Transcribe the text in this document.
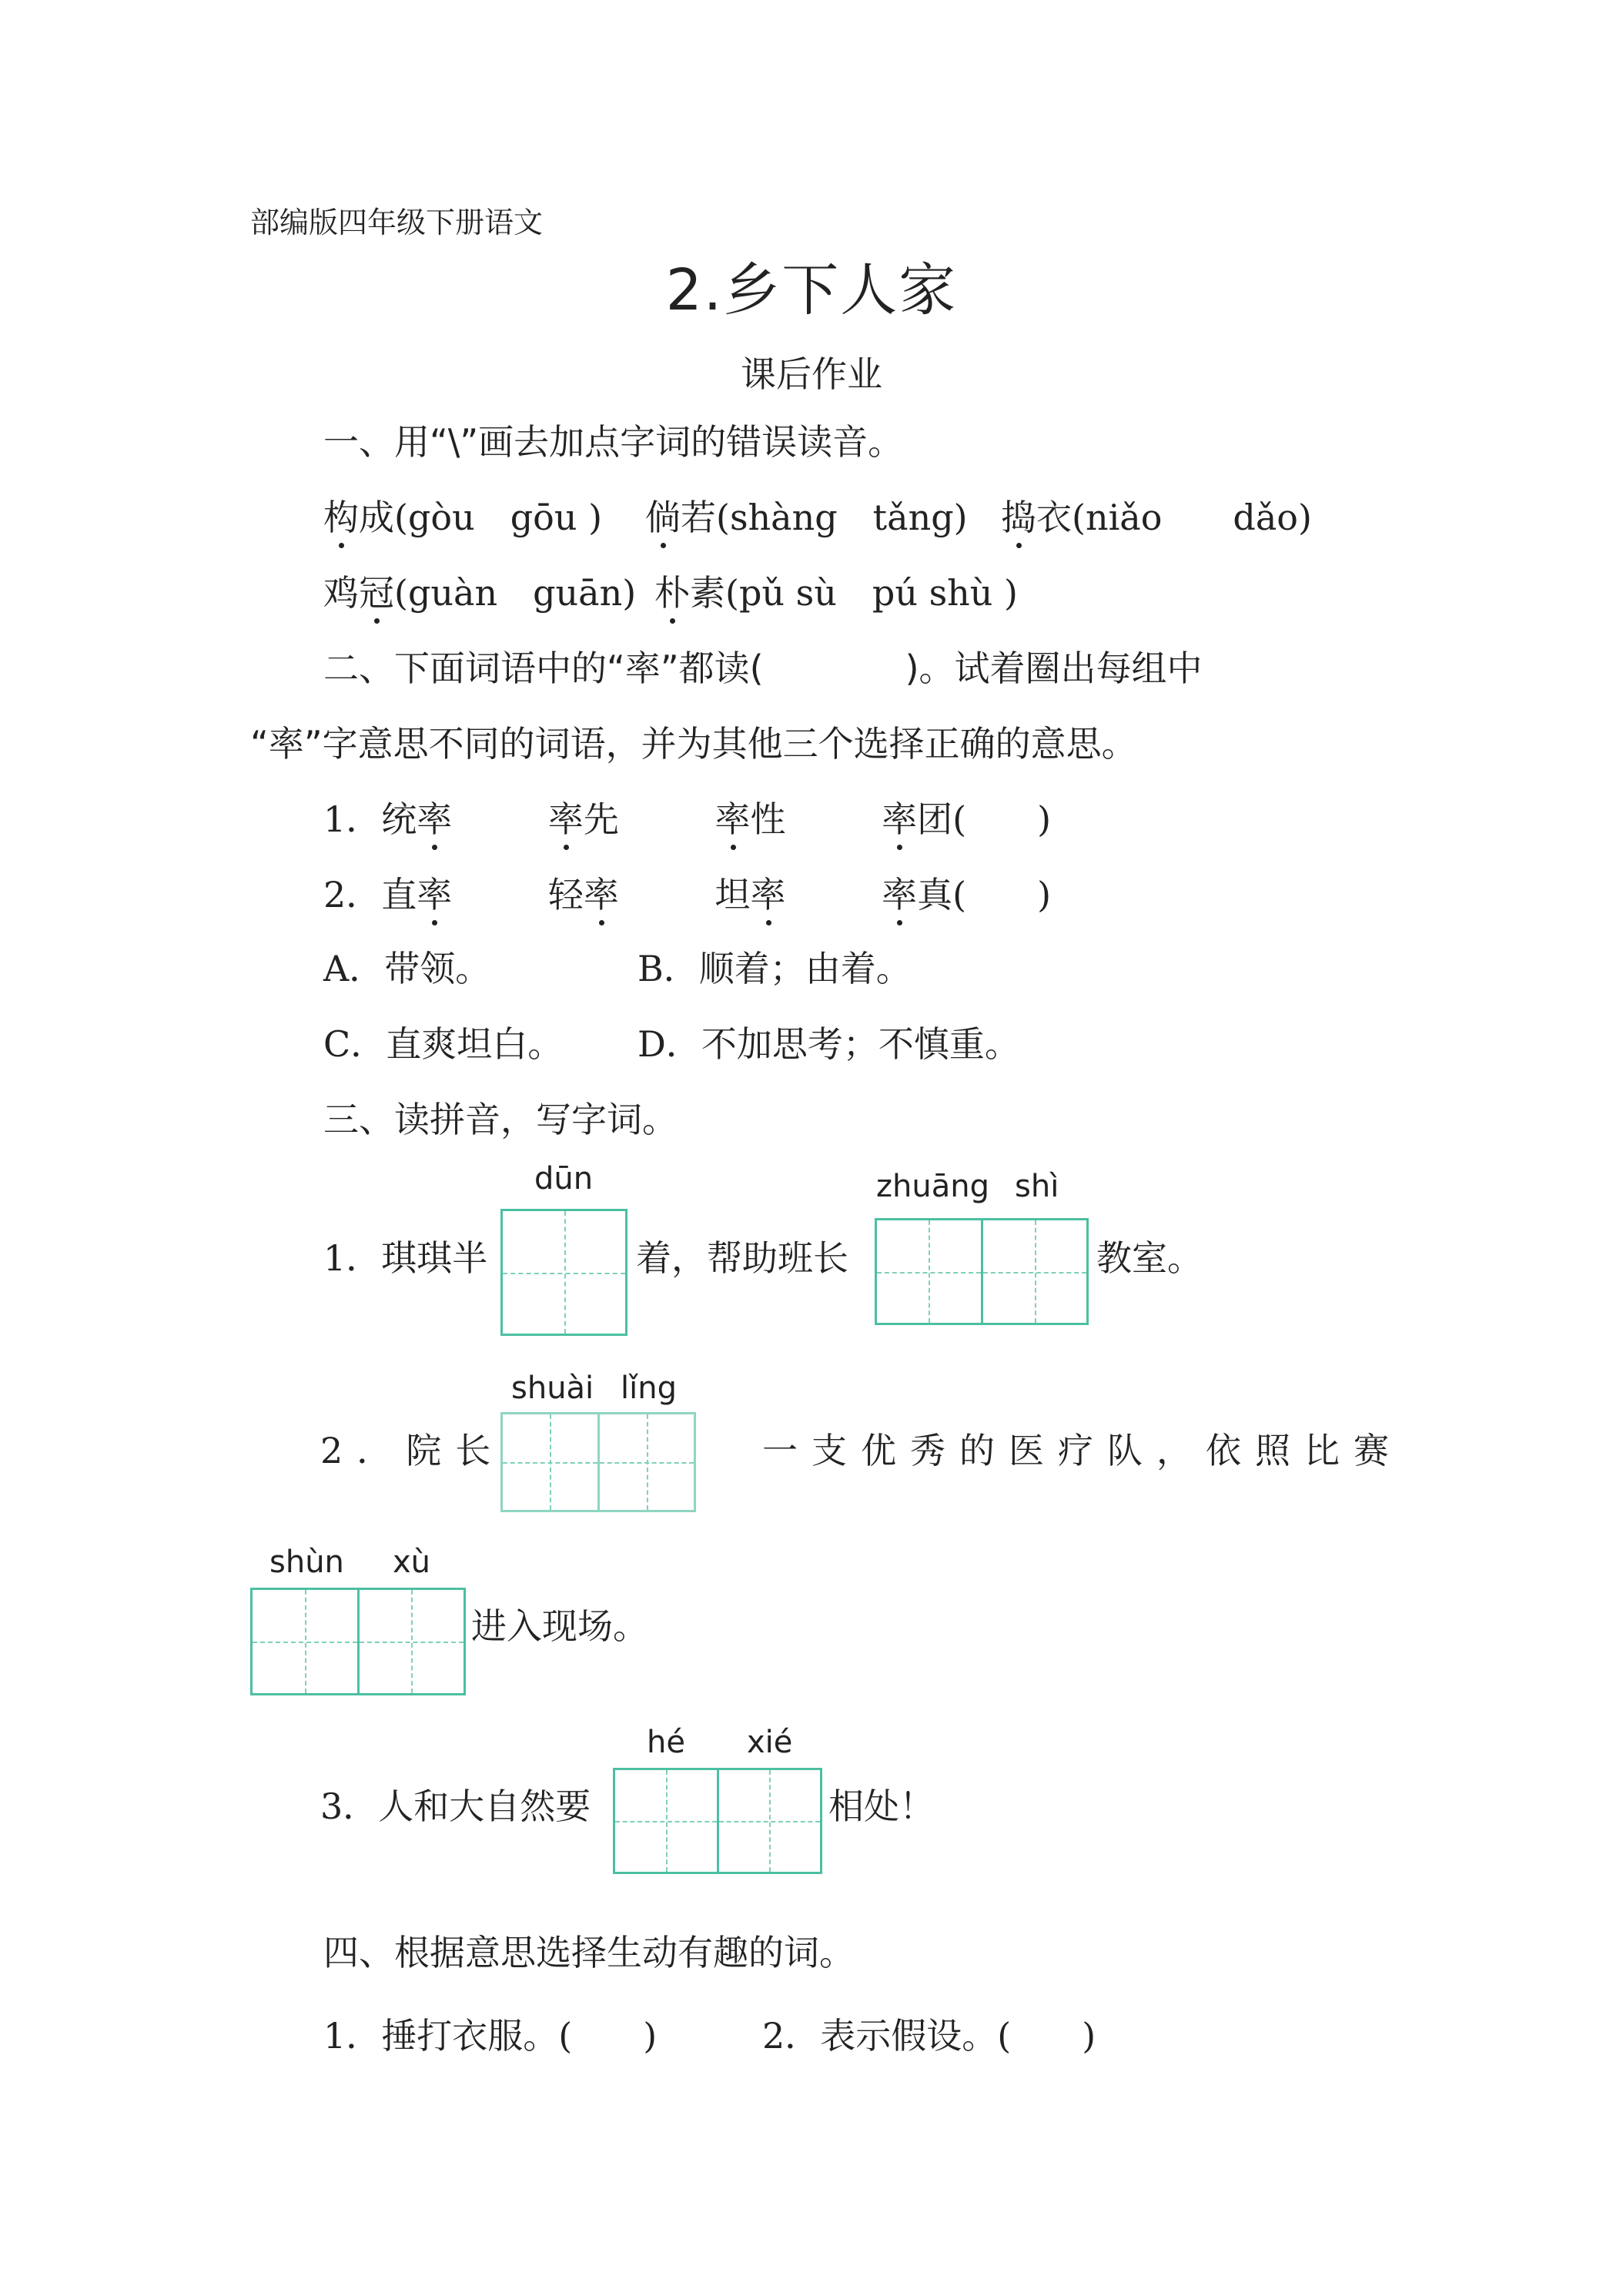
部编版四年级下册语文
2.乡下人家
课后作业
一、用“\”画去加点字词的错误读音。
构成(gòu　gōu ) 倘若(shàng　tǎng) 捣衣(niǎo　　dǎo)
鸡冠(guàn　guān) 朴素(pǔ sù　pú shù )
二、下面词语中的“率”都读(　　　　)。试着圈出每组中
“率”字意思不同的词语，并为其他三个选择正确的意思。
1．统率	率先	率性	率团(　　)
2．直率	轻率	坦率	率真(　　)
A．带领。	B．顺着；由着。
C．直爽坦白。 D．不加思考；不慎重。
三、读拼音，写字词。
1．琪琪半
dūn
着，帮助班长
zhuāng shì
教室。
2．院长
shuài lǐng
一支优秀的医疗队，依照比赛
shùn xù
进入现场。
3．人和大自然要
hé xié
相处！
四、根据意思选择生动有趣的词。
1．捶打衣服。(　　)	2．表示假设。(　　)
